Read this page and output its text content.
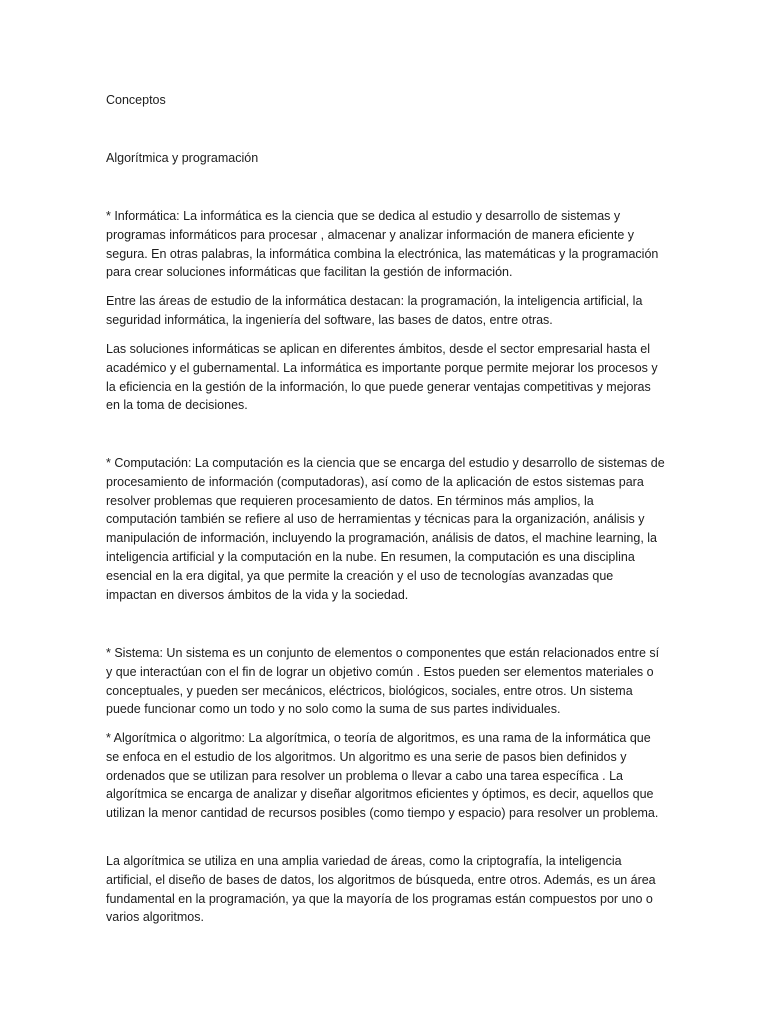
Conceptos

Algorítmica y programación

* Informática: La informática es la ciencia que se dedica al estudio y desarrollo de sistemas y programas informáticos para procesar , almacenar y analizar información de manera eficiente y segura. En otras palabras, la informática combina la electrónica, las matemáticas y la programación para crear soluciones informáticas que facilitan la gestión de información.

Entre las áreas de estudio de la informática destacan: la programación, la inteligencia artificial, la seguridad informática, la ingeniería del software, las bases de datos, entre otras.

Las soluciones informáticas se aplican en diferentes ámbitos, desde el sector empresarial hasta el académico y el gubernamental. La informática es importante porque permite mejorar los procesos y la eficiencia en la gestión de la información, lo que puede generar ventajas competitivas y mejoras en la toma de decisiones.

* Computación: La computación es la ciencia que se encarga del estudio y desarrollo de sistemas de procesamiento de información (computadoras), así como de la aplicación de estos sistemas para resolver problemas que requieren procesamiento de datos. En términos más amplios, la computación también se refiere al uso de herramientas y técnicas para la organización, análisis y manipulación de información, incluyendo la programación, análisis de datos, el machine learning, la inteligencia artificial y la computación en la nube. En resumen, la computación es una disciplina esencial en la era digital, ya que permite la creación y el uso de tecnologías avanzadas que impactan en diversos ámbitos de la vida y la sociedad.

* Sistema: Un sistema es un conjunto de elementos o componentes que están relacionados entre sí y que interactúan con el fin de lograr un objetivo común . Estos pueden ser elementos materiales o conceptuales, y pueden ser mecánicos, eléctricos, biológicos, sociales, entre otros. Un sistema puede funcionar como un todo y no solo como la suma de sus partes individuales.

* Algorítmica o algoritmo: La algorítmica, o teoría de algoritmos, es una rama de la informática que se enfoca en el estudio de los algoritmos. Un algoritmo es una serie de pasos bien definidos y ordenados que se utilizan para resolver un problema o llevar a cabo una tarea específica . La algorítmica se encarga de analizar y diseñar algoritmos eficientes y óptimos, es decir, aquellos que utilizan la menor cantidad de recursos posibles (como tiempo y espacio) para resolver un problema.

La algorítmica se utiliza en una amplia variedad de áreas, como la criptografía, la inteligencia artificial, el diseño de bases de datos, los algoritmos de búsqueda, entre otros. Además, es un área fundamental en la programación, ya que la mayoría de los programas están compuestos por uno o varios algoritmos.
